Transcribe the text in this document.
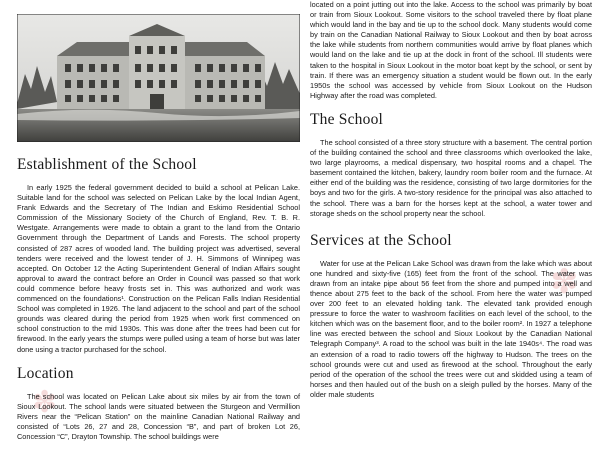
✽
✽
Establishment of the School

In early 1925 the federal government decided to build a school at Pelican Lake. Suitable land for the school was selected on Pelican Lake by the local Indian Agent, Frank Edwards and the Secretary of The Indian and Eskimo Residential School Commission of the Missionary Society of the Church of England, Rev. T. B. R. Westgate. Arrangements were made to obtain a grant to the land from the Ontario Government through the Department of Lands and Forests. The school property consisted of 287 acres of wooded land. The building project was advertised, several tenders were received and the lowest tender of J. H. Simmons of Winnipeg was accepted. On October 12 the Acting Superintendent General of Indian Affairs sought approval to award the contract before an Order in Council was passed so that work could commence before heavy frosts set in. This was authorized and work was commenced on the foundations¹. Construction on the Pelican Falls Indian Residential School was completed in 1926. The land adjacent to the school and part of the school grounds was cleared during the period from 1925 when work first commenced on school construction to the mid 1930s. This was done after the trees had been cut for firewood. In the early years the stumps were pulled using a team of horse but was later done using a tractor purchased for the school.

Location

The school was located on Pelican Lake about six miles by air from the town of Sioux Lookout. The school lands were situated between the Sturgeon and Vermillion Rivers near the “Pelican Station” on the mainline Canadian National Railway and consisted of “Lots 26, 27 and 28, Concession “B”, and part of broken Lot 26, Concession “C”, Drayton Township. The school buildings were

located on a point jutting out into the lake. Access to the school was primarily by boat or train from Sioux Lookout. Some visitors to the school traveled there by float plane which would land in the bay and tie up to the school dock. Many students would come by train on the Canadian National Railway to Sioux Lookout and then by boat across the lake while students from northern communities would arrive by float planes which would land on the lake and tie up at the dock in front of the school. Ill students were taken to the hospital in Sioux Lookout in the motor boat kept by the school, or sent by train. If there was an emergency situation a student would be flown out. In the early 1950s the school was accessed by vehicle from Sioux Lookout on the Hudson Highway after the road was completed.

The School

The school consisted of a three story structure with a basement. The central portion of the building contained the school and three classrooms which overlooked the lake, two large playrooms, a medical dispensary, two hospital rooms and a chapel. The basement contained the kitchen, bakery, laundry room boiler room and the furnace. At either end of the building was the residence, consisting of two large dormitories for the boys and two for the girls. A two-story residence for the principal was also attached to the school. There was a barn for the horses kept at the school, a water tower and storage sheds on the school property near the school.

Services at the School

Water for use at the Pelican Lake School was drawn from the lake which was about one hundred and sixty-five (165) feet from the front of the school. The water was drawn from an intake pipe about 56 feet from the shore and pumped into a well and thence about 275 feet to the back of the school. From here the water was pumped over 200 feet to an elevated holding tank. The elevated tank provided enough pressure to force the water to washroom facilities on each level of the school, to the kitchen which was on the basement floor, and to the boiler room². In 1927 a telephone line was erected between the school and Sioux Lookout by the Canadian National Telegraph Company³. A road to the school was built in the late 1940s⁴. The road was an extension of a road to radio towers off the highway to Hudson. The trees on the school grounds were cut and used as firewood at the school. Throughout the early period of the operation of the school the trees were cut and skidded using a team of horses and then hauled out of the bush on a sleigh pulled by the horses. Many of the older male students
